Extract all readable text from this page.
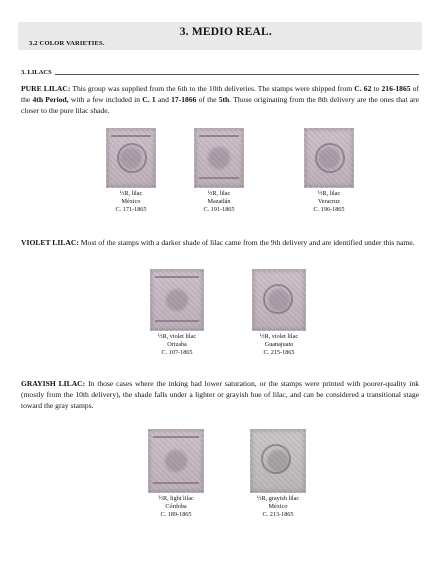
3. MEDIO REAL.
3.2 COLOR VARIETIES.
3. LILACS

PURE LILAC: This group was supplied from the 6th to the 10th deliveries. The stamps were shipped from C. 62 to 216-1865 of the 4th Period, with a few included in C. 1 and 17-1866 of the 5th. Those originating from the 8th delivery are the ones that are closer to the pure lilac shade.

½R, lilac
México
C. 171-1865
½R, lilac
Mazatlán
C. 191-1865
½R, lilac
Veracruz
C. 196-1865

VIOLET LILAC: Most of the stamps with a darker shade of lilac came from the 9th delivery and are identified under this name.

½R, violet lilac
Orizaba
C. 107-1865
½R, violet lilac
Guanajuato
C. 215-1865

GRAYISH LILAC: In those cases where the inking had lower saturation, or the stamps were printed with poorer-quality ink (mostly from the 10th delivery), the shade falls under a lighter or grayish hue of lilac, and can be considered a transitional stage toward the gray stamps.

½R, light lilac
Córdoba
C. 189-1865
½R, grayish lilac
México
C. 213-1865
